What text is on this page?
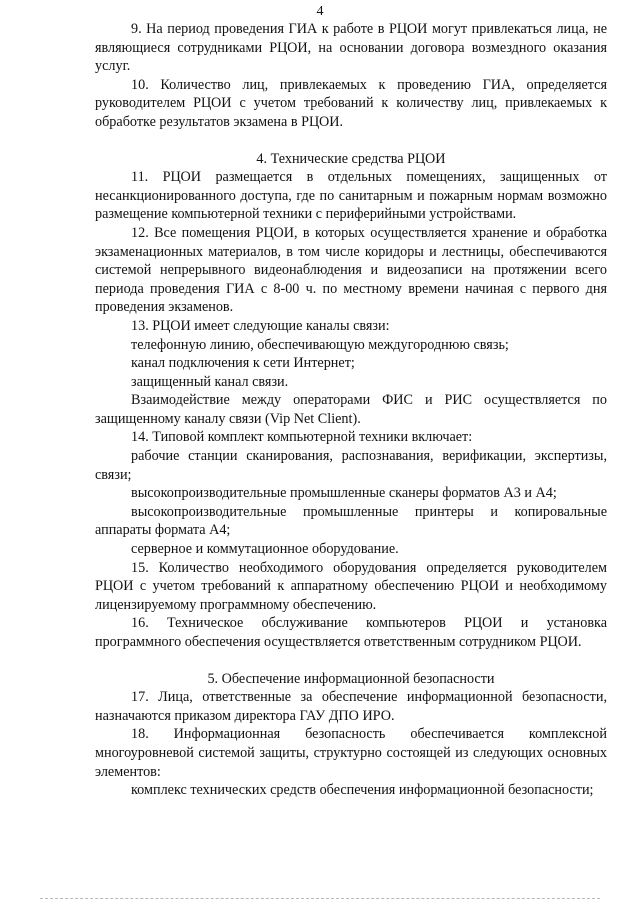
4

9. На период проведения ГИА к работе в РЦОИ могут привлекаться лица, не являющиеся сотрудниками РЦОИ, на основании договора возмездного оказания услуг.

10. Количество лиц, привлекаемых к проведению ГИА, определяется руководителем РЦОИ с учетом требований к количеству лиц, привлекаемых к обработке результатов экзамена в РЦОИ.

4. Технические средства РЦОИ

11. РЦОИ размещается в отдельных помещениях, защищенных от несанкционированного доступа, где по санитарным и пожарным нормам возможно размещение компьютерной техники с периферийными устройствами.

12. Все помещения РЦОИ, в которых осуществляется хранение и обработка экзаменационных материалов, в том числе коридоры и лестницы, обеспечиваются системой непрерывного видеонаблюдения и видеозаписи на протяжении всего периода проведения ГИА с 8-00 ч. по местному времени начиная с первого дня проведения экзаменов.

13. РЦОИ имеет следующие каналы связи:

телефонную линию, обеспечивающую междугороднюю связь;

канал подключения к сети Интернет;

защищенный канал связи.

Взаимодействие между операторами ФИС и РИС осуществляется по защищенному каналу связи (Vip Net Client).

14. Типовой комплект компьютерной техники включает:

рабочие станции сканирования, распознавания, верификации, экспертизы, связи;

высокопроизводительные промышленные сканеры форматов А3 и А4;

высокопроизводительные промышленные принтеры и копировальные аппараты формата А4;

серверное и коммутационное оборудование.

15. Количество необходимого оборудования определяется руководителем РЦОИ с учетом требований к аппаратному обеспечению РЦОИ и необходимому лицензируемому программному обеспечению.

16. Техническое обслуживание компьютеров РЦОИ и установка программного обеспечения осуществляется ответственным сотрудником РЦОИ.

5. Обеспечение информационной безопасности

17. Лица, ответственные за обеспечение информационной безопасности, назначаются приказом директора ГАУ ДПО ИРО.

18. Информационная безопасность обеспечивается комплексной многоуровневой системой защиты, структурно состоящей из следующих основных элементов:

комплекс технических средств обеспечения информационной безопасности;
